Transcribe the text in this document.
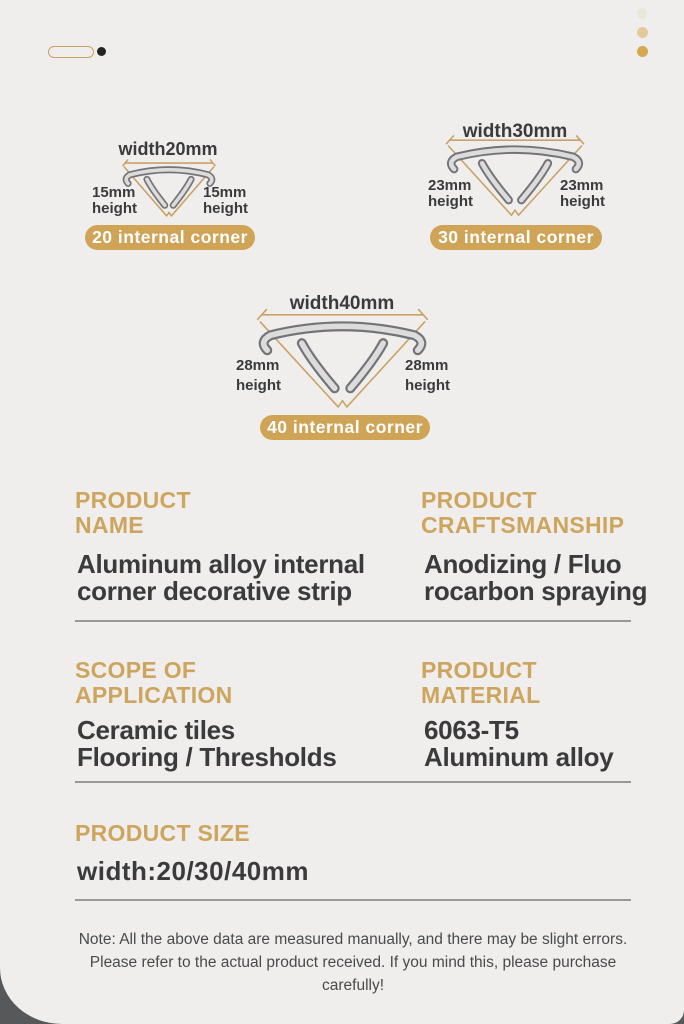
width20mm
15mm
height
15mm
height
20 internal corner
width30mm
23mm
height
23mm
height
30 internal corner
width40mm
28mm
height
28mm
height
40 internal corner
PRODUCT
NAME
Aluminum alloy internal
corner decorative strip
PRODUCT
CRAFTSMANSHIP
Anodizing / Fluo
rocarbon spraying
SCOPE OF
APPLICATION
Ceramic tiles
Flooring / Thresholds
PRODUCT
MATERIAL
6063-T5
Aluminum alloy
PRODUCT SIZE
width:20/30/40mm
Note: All the above data are measured manually, and there may be slight errors.
Please refer to the actual product received. If you mind this, please purchase carefully!
